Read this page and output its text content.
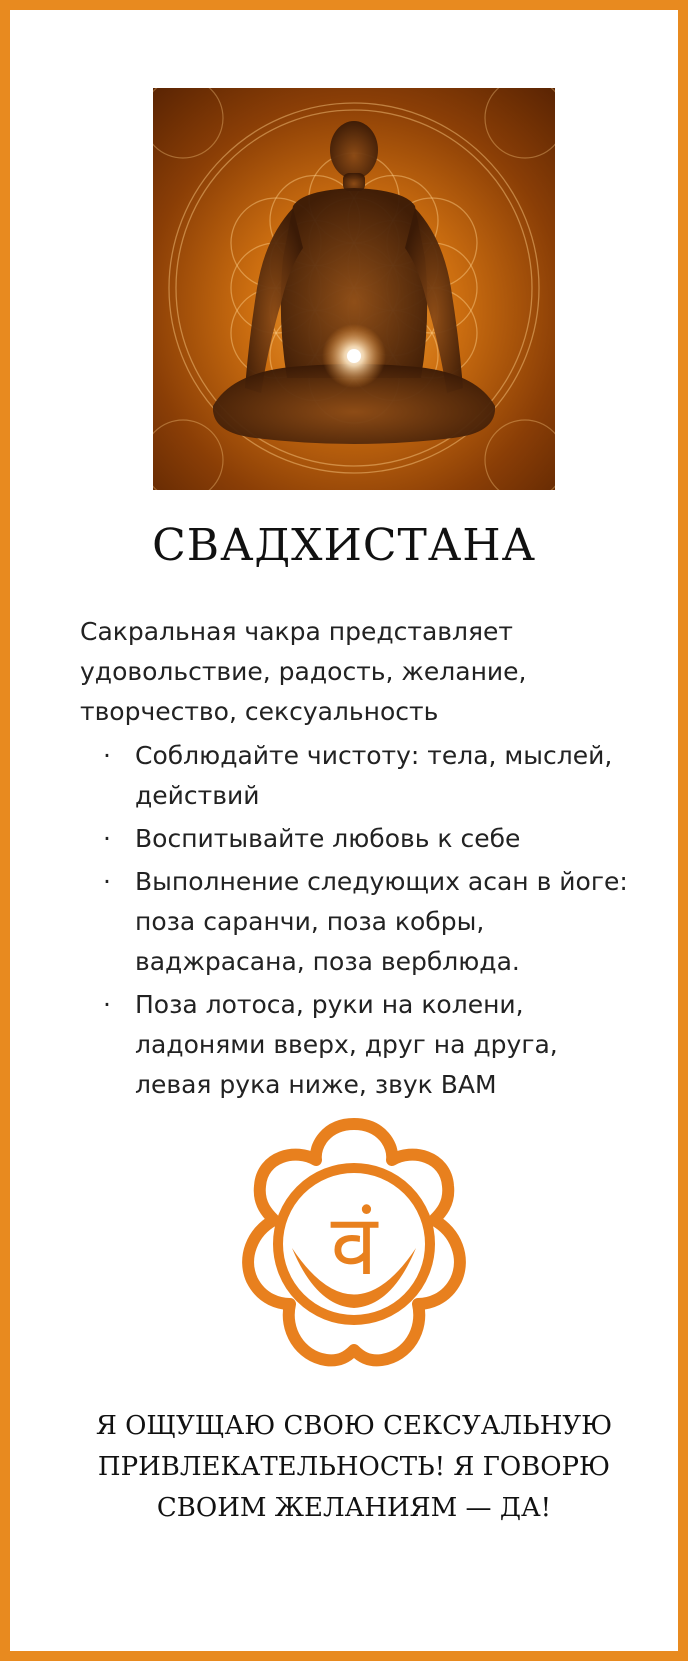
СВАДХИСТАНА

Сакральная чакра представляет удовольствие, радость, желание, творчество, сексуальность

· Соблюдайте чистоту: тела, мыслей, действий
· Воспитывайте любовь к себе
· Выполнение следующих асан в йоге: поза саранчи, поза кобры, ваджрасана, поза верблюда.
· Поза лотоса, руки на колени, ладонями вверх, друг на друга, левая рука ниже, звук ВАМ
वं
Я ОЩУЩАЮ СВОЮ СЕКСУАЛЬНУЮ ПРИВЛЕКАТЕЛЬНОСТЬ! Я ГОВОРЮ СВОИМ ЖЕЛАНИЯМ — ДА!
